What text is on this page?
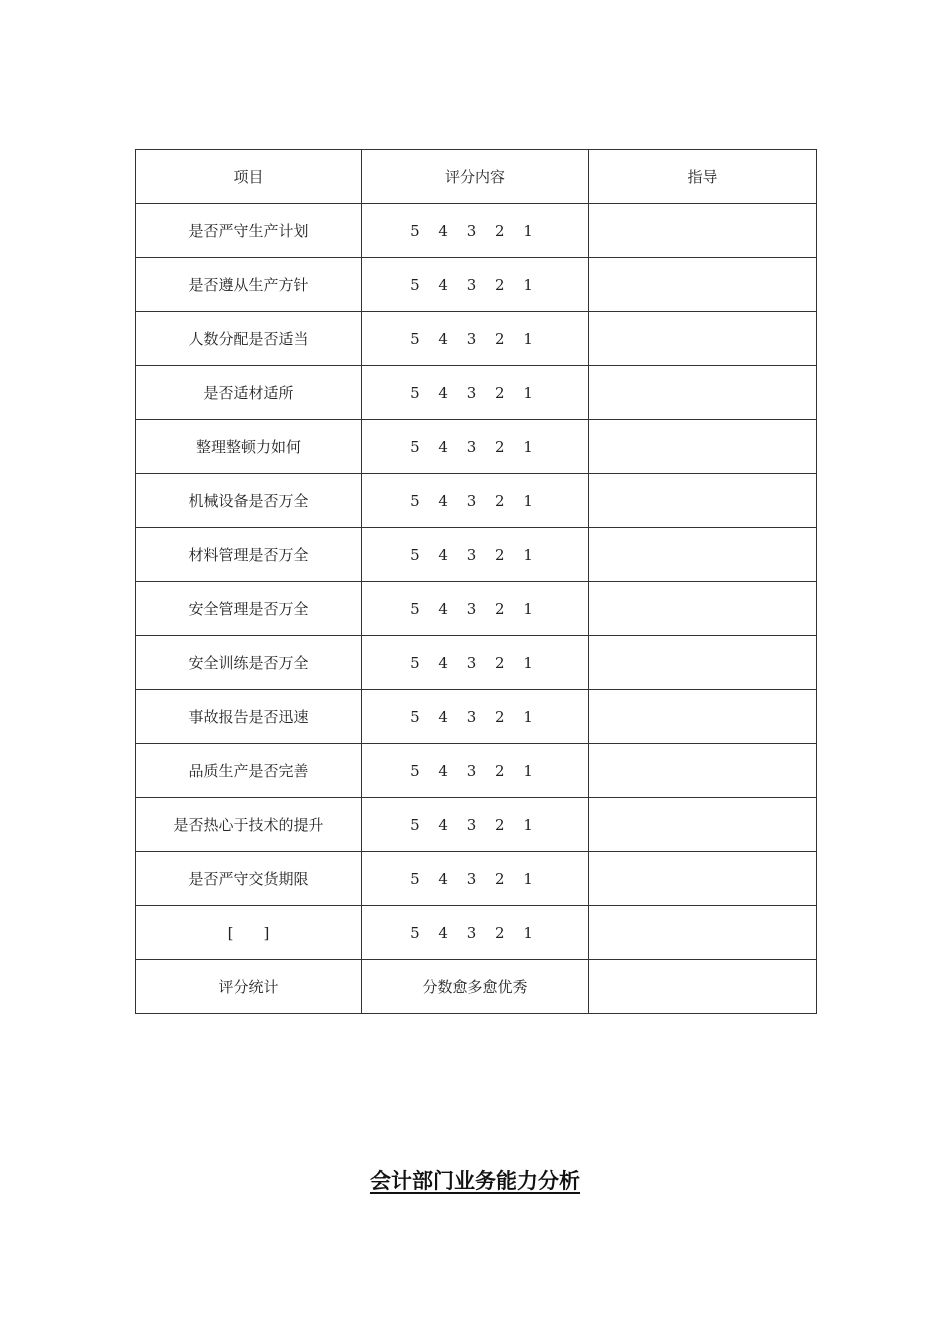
项目	评分内容	指导
是否严守生产计划	5 4 3 2 1	
是否遵从生产方针	5 4 3 2 1	
人数分配是否适当	5 4 3 2 1	
是否适材适所	5 4 3 2 1	
整理整顿力如何	5 4 3 2 1	
机械设备是否万全	5 4 3 2 1	
材料管理是否万全	5 4 3 2 1	
安全管理是否万全	5 4 3 2 1	
安全训练是否万全	5 4 3 2 1	
事故报告是否迅速	5 4 3 2 1	
品质生产是否完善	5 4 3 2 1	
是否热心于技术的提升	5 4 3 2 1	
是否严守交货期限	5 4 3 2 1	
[　　]	5 4 3 2 1	
评分统计	分数愈多愈优秀	
会计部门业务能力分析
